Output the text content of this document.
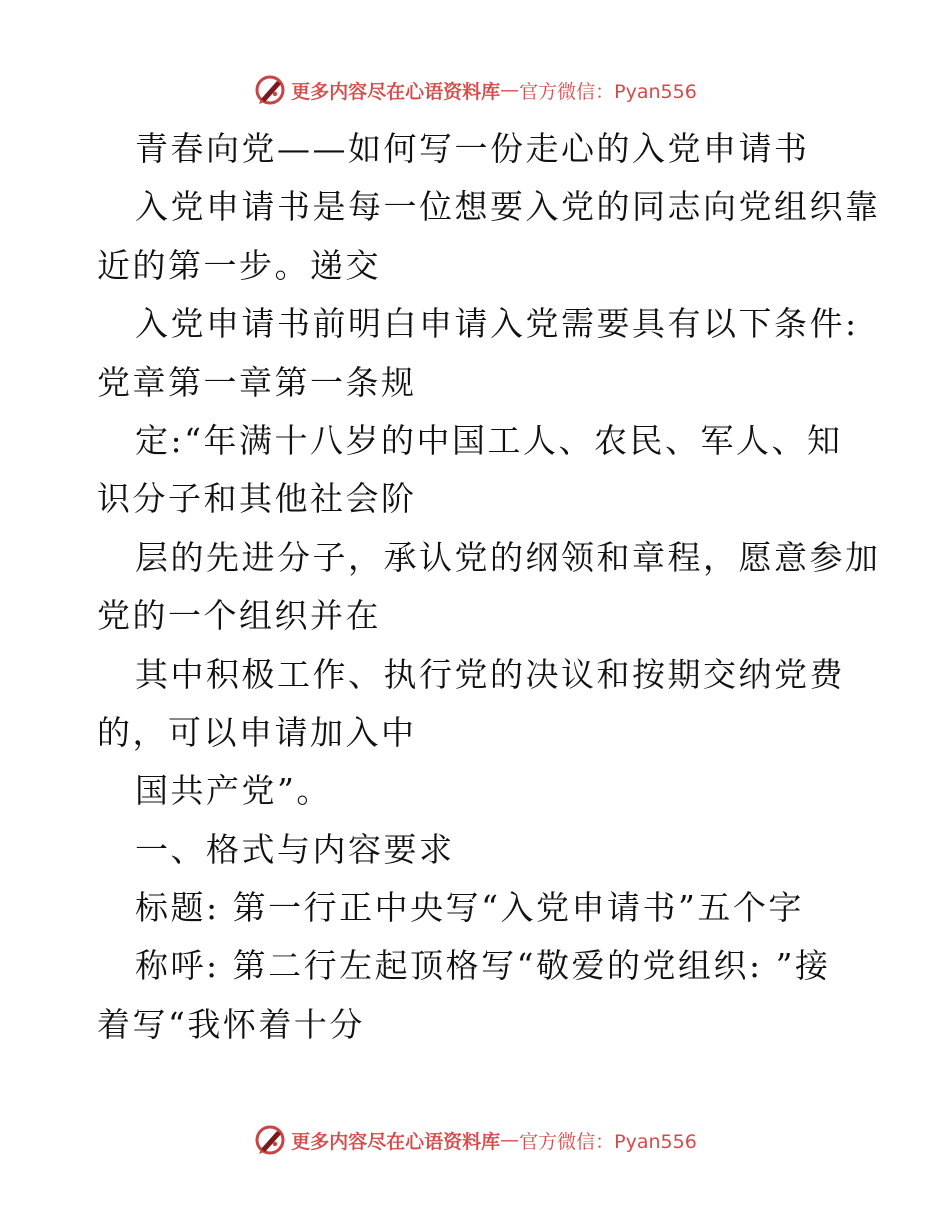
更多内容尽在心语资料库 — 官方微信：Pyan556
青春向党——如何写一份走心的入党申请书
入党申请书是每一位想要入党的同志向党组织靠
近的第一步。递交
入党申请书前明白申请入党需要具有以下条件:
党章第一章第一条规
定:“年满十八岁的中国工人、农民、军人、知
识分子和其他社会阶
层的先进分子，承认党的纲领和章程，愿意参加
党的一个组织并在
其中积极工作、执行党的决议和按期交纳党费
的，可以申请加入中
国共产党”。
一、格式与内容要求
标题: 第一行正中央写“入党申请书”五个字
称呼: 第二行左起顶格写“敬爱的党组织: ”接
着写“我怀着十分
更多内容尽在心语资料库 — 官方微信：Pyan556
